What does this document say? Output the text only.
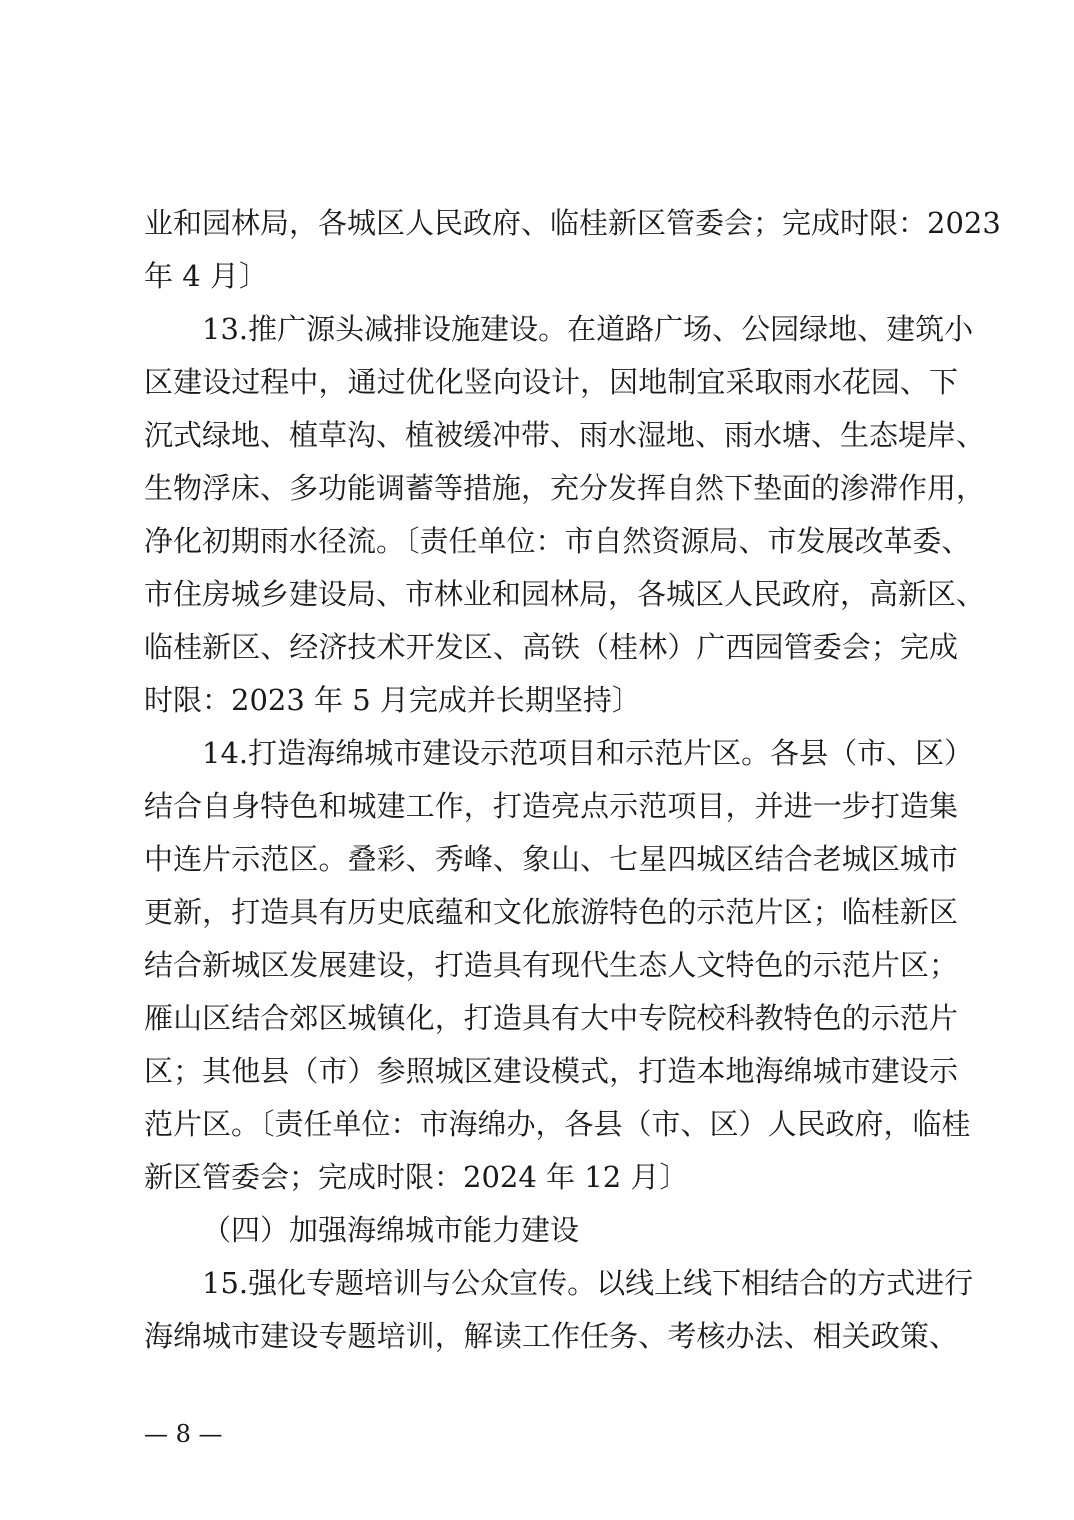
业和园林局，各城区人民政府、临桂新区管委会；完成时限：2023
年 4 月〕
13.推广源头减排设施建设。在道路广场、公园绿地、建筑小
区建设过程中，通过优化竖向设计，因地制宜采取雨水花园、下
沉式绿地、植草沟、植被缓冲带、雨水湿地、雨水塘、生态堤岸、
生物浮床、多功能调蓄等措施，充分发挥自然下垫面的渗滞作用，
净化初期雨水径流。〔责任单位：市自然资源局、市发展改革委、
市住房城乡建设局、市林业和园林局，各城区人民政府，高新区、
临桂新区、经济技术开发区、高铁（桂林）广西园管委会；完成
时限：2023 年 5 月完成并长期坚持〕
14.打造海绵城市建设示范项目和示范片区。各县（市、区）
结合自身特色和城建工作，打造亮点示范项目，并进一步打造集
中连片示范区。叠彩、秀峰、象山、七星四城区结合老城区城市
更新，打造具有历史底蕴和文化旅游特色的示范片区；临桂新区
结合新城区发展建设，打造具有现代生态人文特色的示范片区；
雁山区结合郊区城镇化，打造具有大中专院校科教特色的示范片
区；其他县（市）参照城区建设模式，打造本地海绵城市建设示
范片区。〔责任单位：市海绵办，各县（市、区）人民政府，临桂
新区管委会；完成时限：2024 年 12 月〕
（四）加强海绵城市能力建设
15.强化专题培训与公众宣传。以线上线下相结合的方式进行
海绵城市建设专题培训，解读工作任务、考核办法、相关政策、
— 8 —
